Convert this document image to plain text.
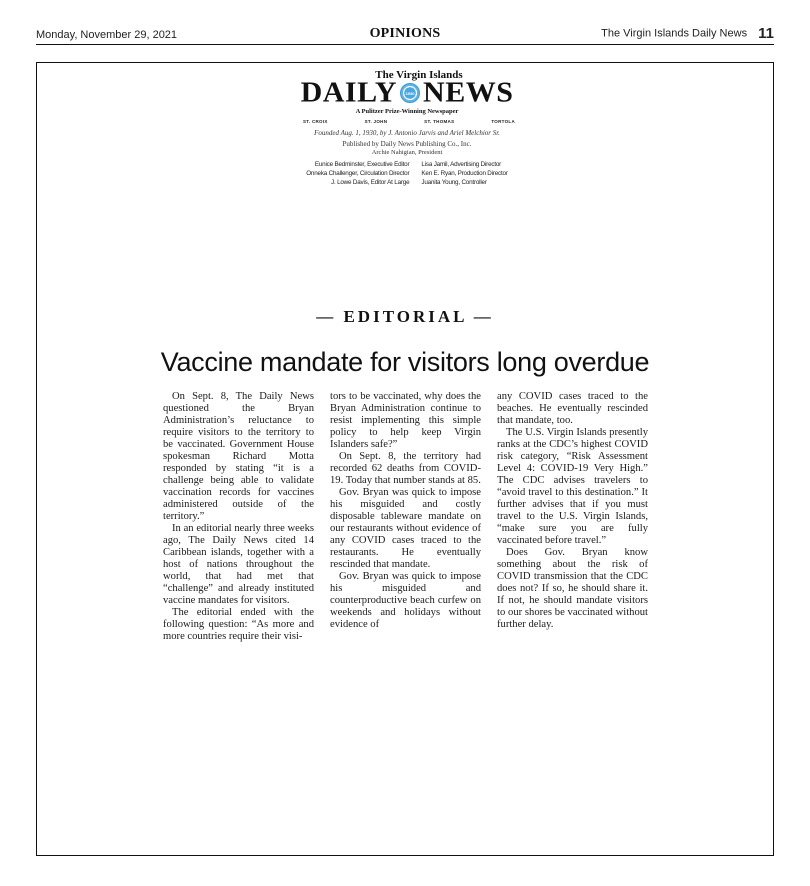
Monday, November 29, 2021	OPINIONS	The Virgin Islands Daily News 11
The Virgin Islands
DAILY 1930 NEWS
A Pulitzer Prize-Winning Newspaper
ST. CROIX	ST. JOHN	ST. THOMAS	TORTOLA
Founded Aug. 1, 1930, by J. Antonio Jarvis and Ariel Melchior Sr.
Published by Daily News Publishing Co., Inc.
Archie Nahigian, President
Eunice Bedminster, Executive Editor
Onneka Challenger, Circulation Director
J. Lowe Davis, Editor At Large
Lisa Jamil, Advertising Director
Ken E. Ryan, Production Director
Juanita Young, Controller
— EDITORIAL —
Vaccine mandate for visitors long overdue

On Sept. 8, The Daily News questioned the Bryan Administration’s reluctance to require visitors to the territory to be vaccinated. Government House spokesman Richard Motta responded by stating “it is a challenge being able to validate vaccination records for vaccines administered outside of the territory.”

In an editorial nearly three weeks ago, The Daily News cited 14 Caribbean islands, together with a host of nations throughout the world, that had met that “challenge” and already instituted vaccine mandates for visitors.

The editorial ended with the following question: “As more and more countries require their visi-

tors to be vaccinated, why does the Bryan Administration continue to resist implementing this simple policy to help keep Virgin Islanders safe?”

On Sept. 8, the territory had recorded 62 deaths from COVID-19. Today that number stands at 85.

Gov. Bryan was quick to impose his misguided and costly disposable tableware mandate on our restaurants without evidence of any COVID cases traced to the restaurants. He eventually rescinded that mandate.

Gov. Bryan was quick to impose his misguided and counterproductive beach curfew on weekends and holidays without evidence of

any COVID cases traced to the beaches. He eventually rescinded that mandate, too.

The U.S. Virgin Islands presently ranks at the CDC’s highest COVID risk category, “Risk Assessment Level 4: COVID-19 Very High.” The CDC advises travelers to “avoid travel to this destination.” It further advises that if you must travel to the U.S. Virgin Islands, “make sure you are fully vaccinated before travel.”

Does Gov. Bryan know something about the risk of COVID transmission that the CDC does not? If so, he should share it. If not, he should mandate visitors to our shores be vaccinated without further delay.
